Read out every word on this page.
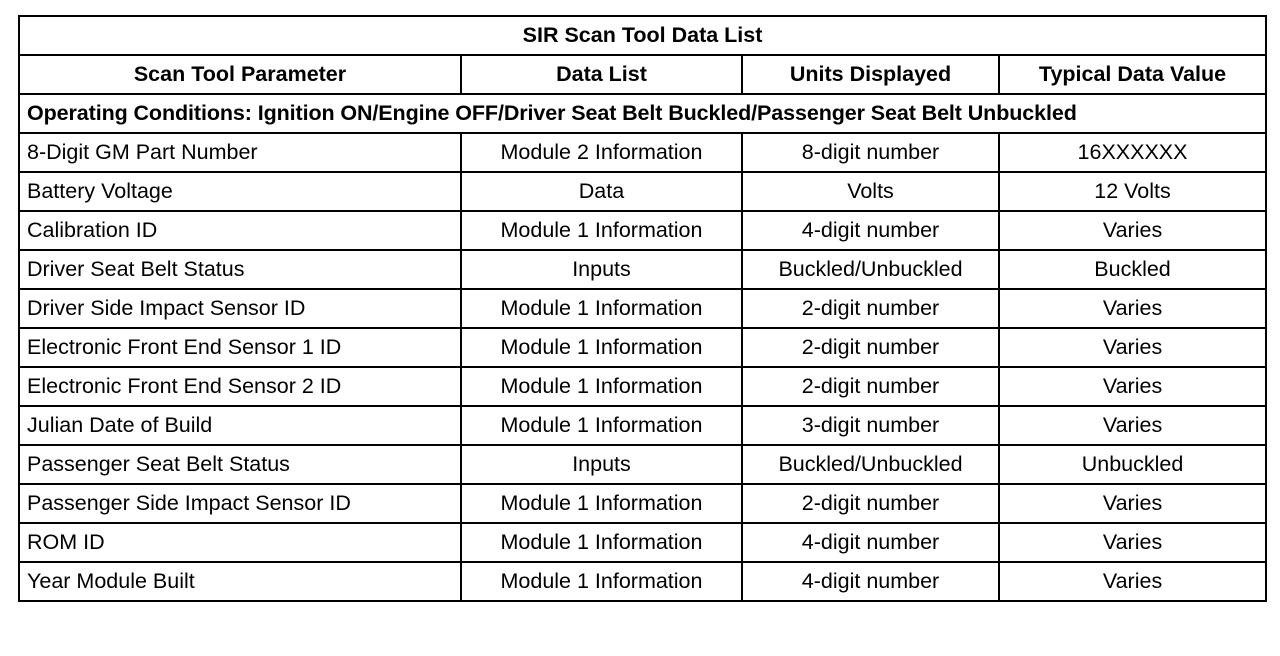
SIR Scan Tool Data List			
Scan Tool Parameter	Data List	Units Displayed	Typical Data Value
Operating Conditions: Ignition ON/Engine OFF/Driver Seat Belt Buckled/Passenger Seat Belt Unbuckled			
8-Digit GM Part Number	Module 2 Information	8-digit number	16XXXXXX
Battery Voltage	Data	Volts	12 Volts
Calibration ID	Module 1 Information	4-digit number	Varies
Driver Seat Belt Status	Inputs	Buckled/Unbuckled	Buckled
Driver Side Impact Sensor ID	Module 1 Information	2-digit number	Varies
Electronic Front End Sensor 1 ID	Module 1 Information	2-digit number	Varies
Electronic Front End Sensor 2 ID	Module 1 Information	2-digit number	Varies
Julian Date of Build	Module 1 Information	3-digit number	Varies
Passenger Seat Belt Status	Inputs	Buckled/Unbuckled	Unbuckled
Passenger Side Impact Sensor ID	Module 1 Information	2-digit number	Varies
ROM ID	Module 1 Information	4-digit number	Varies
Year Module Built	Module 1 Information	4-digit number	Varies
